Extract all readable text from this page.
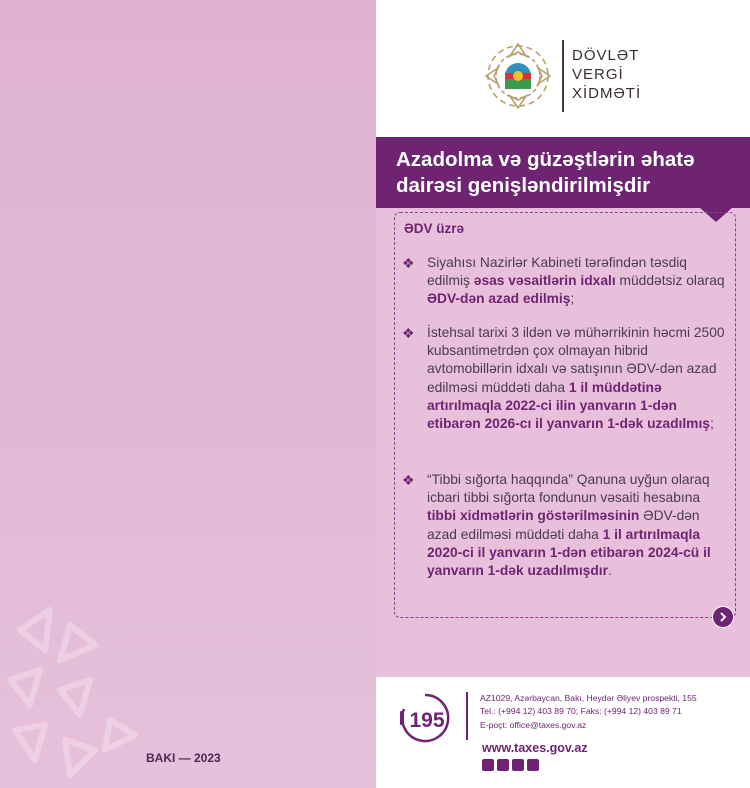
BAKI — 2023
DÖVLƏT
VERGİ
XİDMƏTİ
Azadolma və güzəştlərin əhatə dairəsi genişləndirilmişdir
ƏDV üzrə
❖ Siyahısı Nazirlər Kabineti tərəfindən təsdiq edilmiş əsas vəsaitlərin idxalı müddətsiz olaraq ƏDV-dən azad edilmiş;
❖ İstehsal tarixi 3 ildən və mühərrikinin həcmi 2500 kubsantimetrdən çox olmayan hibrid avtomobillərin idxalı və satışının ƏDV-dən azad edilməsi müddəti daha 1 il müddətinə artırılmaqla 2022-ci ilin yanvarın 1-dən etibarən 2026-cı il yanvarın 1-dək uzadılmış;
❖ “Tibbi sığorta haqqında” Qanuna uyğun olaraq icbari tibbi sığorta fondunun vəsaiti hesabına tibbi xidmətlərin göstərilməsinin ƏDV-dən azad edilməsi müddəti daha 1 il artırılmaqla 2020-ci il yanvarın 1-dən etibarən 2024-cü il yanvarın 1-dək uzadılmışdır.
195
AZ1029, Azərbaycan, Bakı, Heydər Əliyev prospekti, 155
Tel.: (+994 12) 403 89 70; Faks: (+994 12) 403 89 71
E-poçt: office@taxes.gov.az
www.taxes.gov.az
